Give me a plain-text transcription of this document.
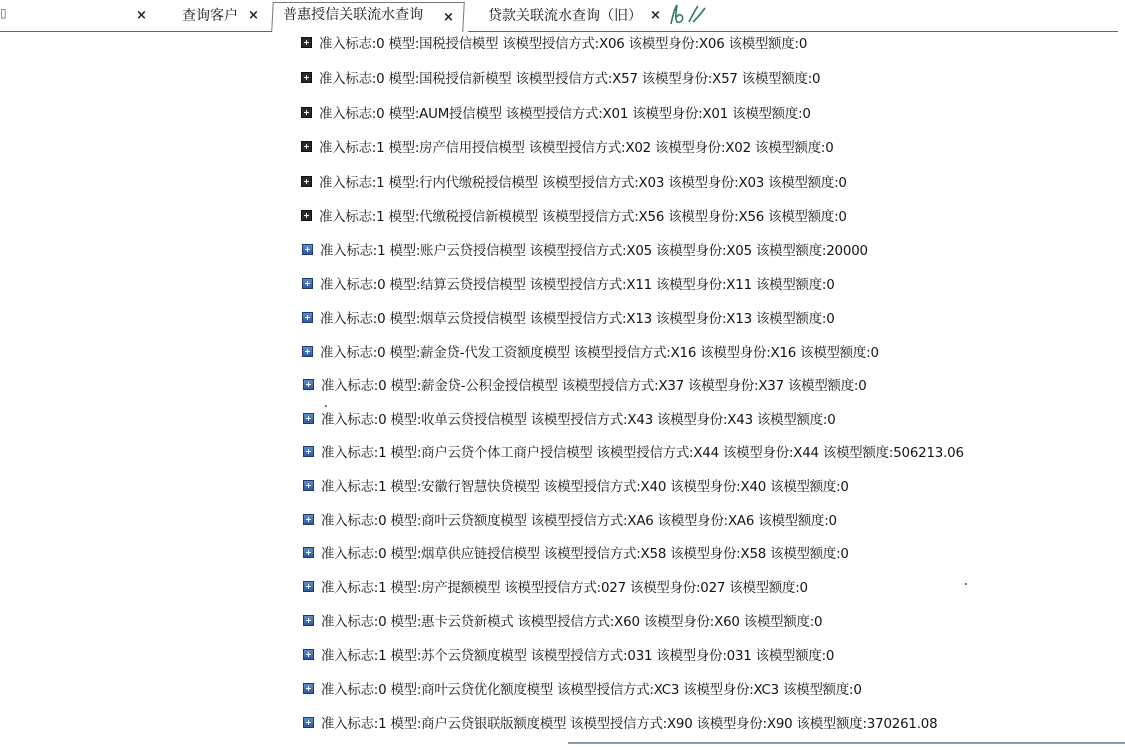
▯	×	查询客户 ×	普惠授信关联流水查询	×	贷款关联流水查询（旧） ×
准入标志:0 模型:国税授信模型 该模型授信方式:X06 该模型身份:X06 该模型额度:0
准入标志:0 模型:国税授信新模型 该模型授信方式:X57 该模型身份:X57 该模型额度:0
准入标志:0 模型:AUM授信模型 该模型授信方式:X01 该模型身份:X01 该模型额度:0
准入标志:1 模型:房产信用授信模型 该模型授信方式:X02 该模型身份:X02 该模型额度:0
准入标志:1 模型:行内代缴税授信模型 该模型授信方式:X03 该模型身份:X03 该模型额度:0
准入标志:1 模型:代缴税授信新模模型 该模型授信方式:X56 该模型身份:X56 该模型额度:0
准入标志:1 模型:账户云贷授信模型 该模型授信方式:X05 该模型身份:X05 该模型额度:20000
准入标志:0 模型:结算云贷授信模型 该模型授信方式:X11 该模型身份:X11 该模型额度:0
准入标志:0 模型:烟草云贷授信模型 该模型授信方式:X13 该模型身份:X13 该模型额度:0
准入标志:0 模型:薪金贷-代发工资额度模型 该模型授信方式:X16 该模型身份:X16 该模型额度:0
准入标志:0 模型:薪金贷-公积金授信模型 该模型授信方式:X37 该模型身份:X37 该模型额度:0
准入标志:0 模型:收单云贷授信模型 该模型授信方式:X43 该模型身份:X43 该模型额度:0
准入标志:1 模型:商户云贷个体工商户授信模型 该模型授信方式:X44 该模型身份:X44 该模型额度:506213.06
准入标志:1 模型:安徽行智慧快贷模型 该模型授信方式:X40 该模型身份:X40 该模型额度:0
准入标志:0 模型:商叶云贷额度模型 该模型授信方式:XA6 该模型身份:XA6 该模型额度:0
准入标志:0 模型:烟草供应链授信模型 该模型授信方式:X58 该模型身份:X58 该模型额度:0
准入标志:1 模型:房产提额模型 该模型授信方式:027 该模型身份:027 该模型额度:0
准入标志:0 模型:惠卡云贷新模式 该模型授信方式:X60 该模型身份:X60 该模型额度:0
准入标志:1 模型:苏个云贷额度模型 该模型授信方式:031 该模型身份:031 该模型额度:0
准入标志:0 模型:商叶云贷优化额度模型 该模型授信方式:XC3 该模型身份:XC3 该模型额度:0
准入标志:1 模型:商户云贷银联版额度模型 该模型授信方式:X90 该模型身份:X90 该模型额度:370261.08
